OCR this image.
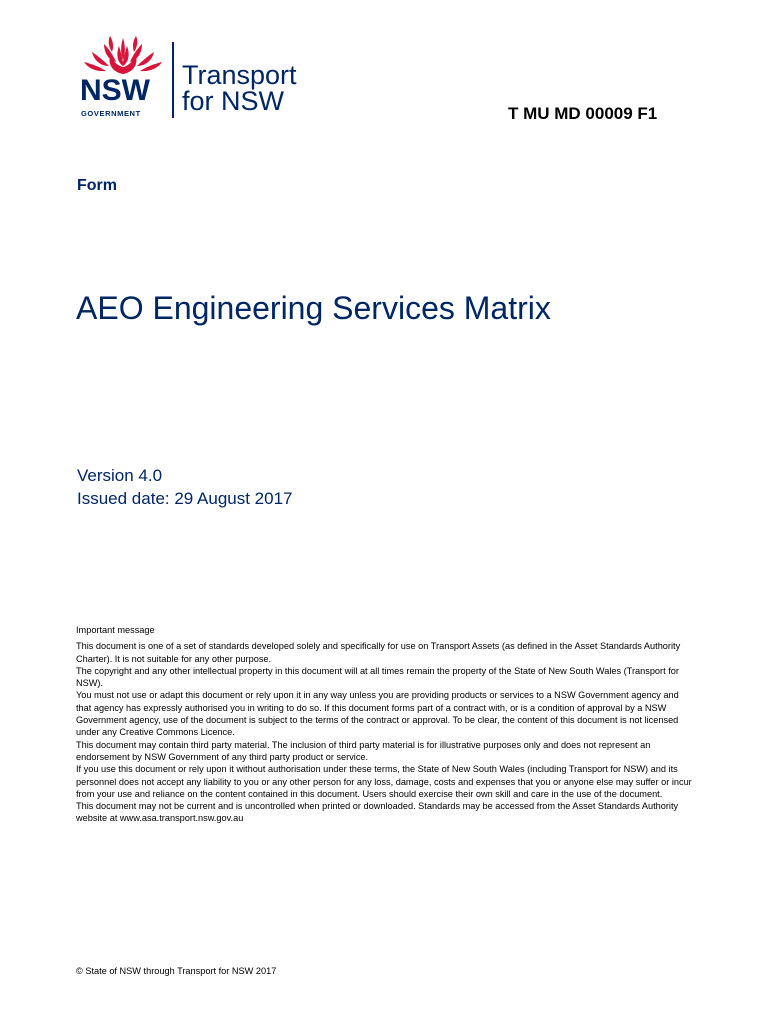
NSW
GOVERNMENT
Transport
for NSW	T MU MD 00009 F1
Form
AEO Engineering Services Matrix
Version 4.0
Issued date: 29 August 2017
Important message

This document is one of a set of standards developed solely and specifically for use on Transport Assets (as defined in the Asset Standards Authority Charter). It is not suitable for any other purpose.

The copyright and any other intellectual property in this document will at all times remain the property of the State of New South Wales (Transport for NSW).

You must not use or adapt this document or rely upon it in any way unless you are providing products or services to a NSW Government agency and that agency has expressly authorised you in writing to do so. If this document forms part of a contract with, or is a condition of approval by a NSW Government agency, use of the document is subject to the terms of the contract or approval. To be clear, the content of this document is not licensed under any Creative Commons Licence.

This document may contain third party material. The inclusion of third party material is for illustrative purposes only and does not represent an endorsement by NSW Government of any third party product or service.

If you use this document or rely upon it without authorisation under these terms, the State of New South Wales (including Transport for NSW) and its personnel does not accept any liability to you or any other person for any loss, damage, costs and expenses that you or anyone else may suffer or incur from your use and reliance on the content contained in this document. Users should exercise their own skill and care in the use of the document.

This document may not be current and is uncontrolled when printed or downloaded. Standards may be accessed from the Asset Standards Authority website at www.asa.transport.nsw.gov.au

© State of NSW through Transport for NSW 2017
